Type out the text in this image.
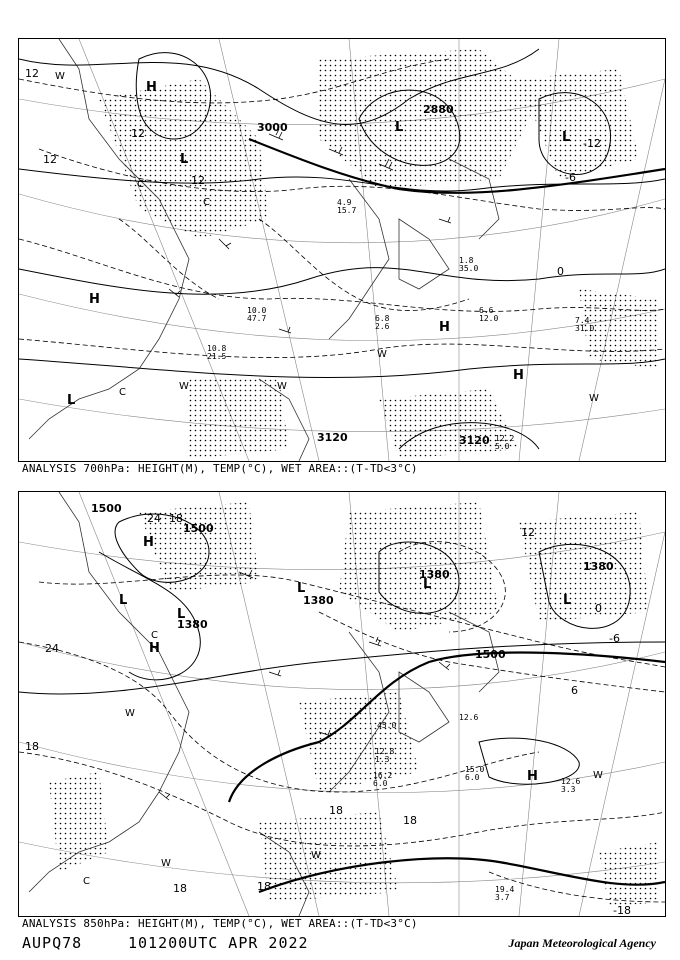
3000
2880
3120	3120
12
12
12
12
0
-6
-12
H
H
H
H
L
L
L
L
W
W
W	W
W
C
C
C
10.8
21.5
6.6
12.0	7.4
31.0
12.2
5.0
1.8
35.0
6.8
2.6
10.0
47.7
4.9
15.7
ANALYSIS 700hPa: HEIGHT(M), TEMP(°C), WET AREA::(T-TD<3°C)
1500
1500
1380
1380
1380
1380
1500
24
24
18
18
18
18
18	18
12
6
0
-6
-18
H
H
H
L
L
L	L
L
W
W
W
W
C
C
15.0
6.0	12.6
3.3
16.2
6.0
12.8
1.3
19.4
3.7
12.6
45.0
ANALYSIS 850hPa: HEIGHT(M), TEMP(°C), WET AREA::(T-TD<3°C)
AUPQ78	101200UTC APR 2022	Japan Meteorological Agency
